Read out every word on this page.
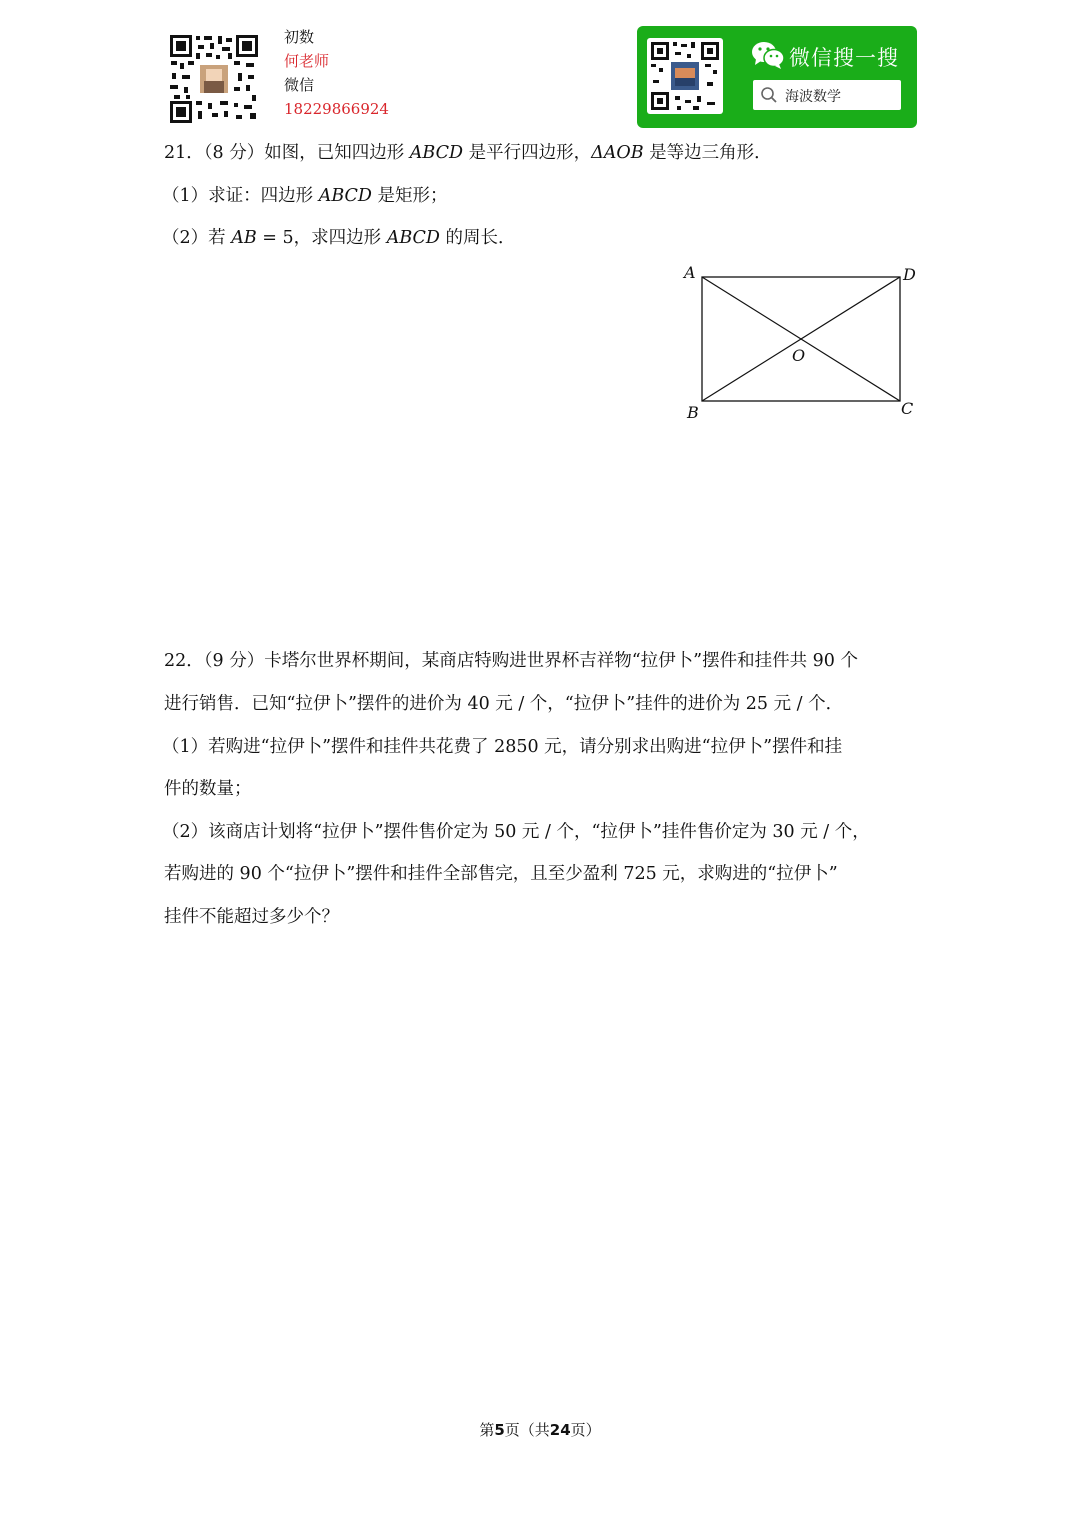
初数
何老师
微信
18229866924
微信搜一搜
海波数学
21．（8 分）如图，已知四边形 ABCD 是平行四边形，ΔAOB 是等边三角形．
（1）求证：四边形 ABCD 是矩形；
（2）若 AB = 5，求四边形 ABCD 的周长．
A	D
O
B	C
22．（9 分）卡塔尔世界杯期间，某商店特购进世界杯吉祥物“拉伊卜”摆件和挂件共 90 个
进行销售．已知“拉伊卜”摆件的进价为 40 元 / 个，“拉伊卜”挂件的进价为 25 元 / 个．
（1）若购进“拉伊卜”摆件和挂件共花费了 2850 元，请分别求出购进“拉伊卜”摆件和挂
件的数量；
（2）该商店计划将“拉伊卜”摆件售价定为 50 元 / 个，“拉伊卜”挂件售价定为 30 元 / 个，
若购进的 90 个“拉伊卜”摆件和挂件全部售完，且至少盈利 725 元，求购进的“拉伊卜”
挂件不能超过多少个？
第5页（共24页）
